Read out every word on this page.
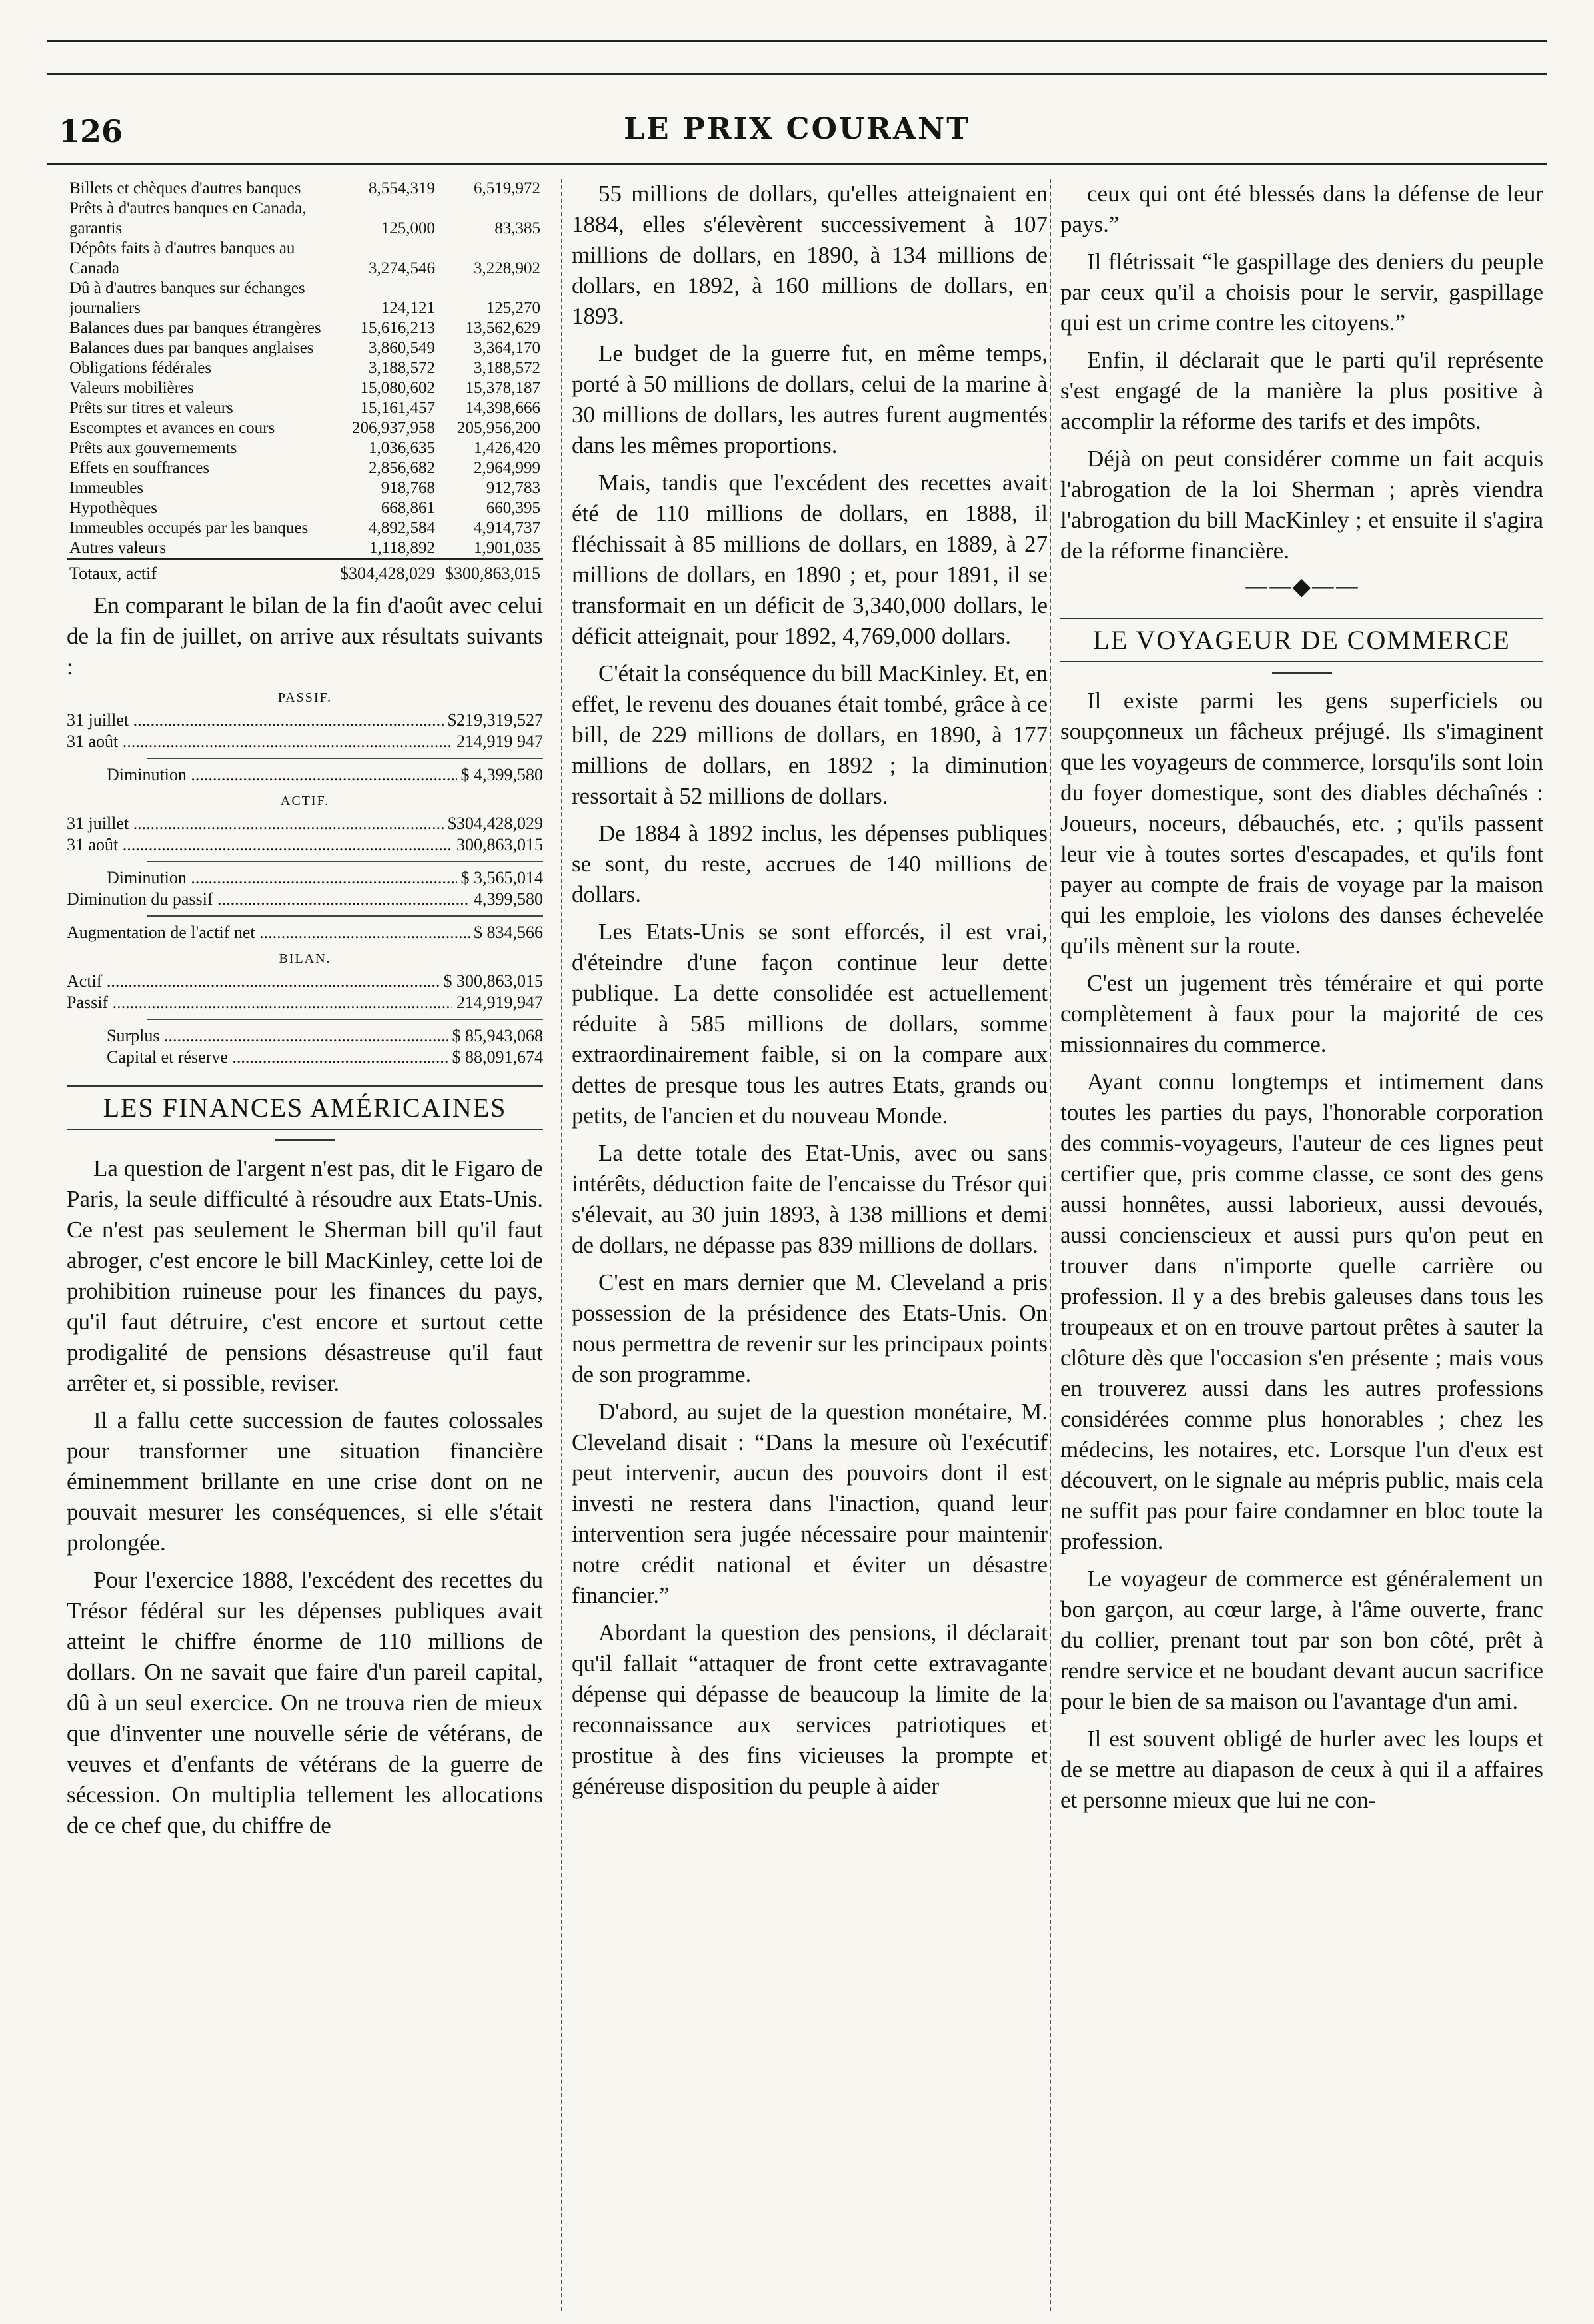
126	LE PRIX COURANT
Billets et chèques d'autres banques	8,554,319	6,519,972
Prêts à d'autres banques en Canada, garantis	125,000	83,385
Dépôts faits à d'autres banques au Canada	3,274,546	3,228,902
Dû à d'autres banques sur échanges journaliers	124,121	125,270
Balances dues par banques étrangères	15,616,213	13,562,629
Balances dues par banques anglaises	3,860,549	3,364,170
Obligations fédérales	3,188,572	3,188,572
Valeurs mobilières	15,080,602	15,378,187
Prêts sur titres et valeurs	15,161,457	14,398,666
Escomptes et avances en cours	206,937,958	205,956,200
Prêts aux gouvernements	1,036,635	1,426,420
Effets en souffrances	2,856,682	2,964,999
Immeubles	918,768	912,783
Hypothèques	668,861	660,395
Immeubles occupés par les banques	4,892,584	4,914,737
Autres valeurs	1,118,892	1,901,035
Totaux, actif	$304,428,029	$300,863,015

En comparant le bilan de la fin d'août avec celui de la fin de juillet, on arrive aux résultats suivants :

PASSIF.
31 juillet .....	$219,319,527
31 août .....	214,919 947
Diminution .....	$ 4,399,580
ACTIF.
31 juillet .....	$304,428,029
31 août .....	300,863,015
Diminution .....	$ 3,565,014
Diminution du passif .....	4,399,580
Augmentation de l'actif net .....	$ 834,566
BILAN.
Actif .....	$ 300,863,015
Passif .....	214,919,947
Surplus .....	$ 85,943,068
Capital et réserve .....	$ 88,091,674
LES FINANCES AMÉRICAINES

La question de l'argent n'est pas, dit le Figaro de Paris, la seule difficulté à résoudre aux Etats-Unis. Ce n'est pas seulement le Sherman bill qu'il faut abroger, c'est encore le bill MacKinley, cette loi de prohibition ruineuse pour les finances du pays, qu'il faut détruire, c'est encore et surtout cette prodigalité de pensions désastreuse qu'il faut arrêter et, si possible, reviser.

Il a fallu cette succession de fautes colossales pour transformer une situation financière éminemment brillante en une crise dont on ne pouvait mesurer les conséquences, si elle s'était prolongée.

Pour l'exercice 1888, l'excédent des recettes du Trésor fédéral sur les dépenses publiques avait atteint le chiffre énorme de 110 millions de dollars. On ne savait que faire d'un pareil capital, dû à un seul exercice. On ne trouva rien de mieux que d'inventer une nouvelle série de vétérans, de veuves et d'enfants de vétérans de la guerre de sécession. On multiplia tellement les allocations de ce chef que, du chiffre de

55 millions de dollars, qu'elles atteignaient en 1884, elles s'élevèrent successivement à 107 millions de dollars, en 1890, à 134 millions de dollars, en 1892, à 160 millions de dollars, en 1893.

Le budget de la guerre fut, en même temps, porté à 50 millions de dollars, celui de la marine à 30 millions de dollars, les autres furent augmentés dans les mêmes proportions.

Mais, tandis que l'excédent des recettes avait été de 110 millions de dollars, en 1888, il fléchissait à 85 millions de dollars, en 1889, à 27 millions de dollars, en 1890 ; et, pour 1891, il se transformait en un déficit de 3,340,000 dollars, le déficit atteignait, pour 1892, 4,769,000 dollars.

C'était la conséquence du bill MacKinley. Et, en effet, le revenu des douanes était tombé, grâce à ce bill, de 229 millions de dollars, en 1890, à 177 millions de dollars, en 1892 ; la diminution ressortait à 52 millions de dollars.

De 1884 à 1892 inclus, les dépenses publiques se sont, du reste, accrues de 140 millions de dollars.

Les Etats-Unis se sont efforcés, il est vrai, d'éteindre d'une façon continue leur dette publique. La dette consolidée est actuellement réduite à 585 millions de dollars, somme extraordinairement faible, si on la compare aux dettes de presque tous les autres Etats, grands ou petits, de l'ancien et du nouveau Monde.

La dette totale des Etat-Unis, avec ou sans intérêts, déduction faite de l'encaisse du Trésor qui s'élevait, au 30 juin 1893, à 138 millions et demi de dollars, ne dépasse pas 839 millions de dollars.

C'est en mars dernier que M. Cleveland a pris possession de la présidence des Etats-Unis. On nous permettra de revenir sur les principaux points de son programme.

D'abord, au sujet de la question monétaire, M. Cleveland disait : “Dans la mesure où l'exécutif peut intervenir, aucun des pouvoirs dont il est investi ne restera dans l'inaction, quand leur intervention sera jugée nécessaire pour maintenir notre crédit national et éviter un désastre financier.”

Abordant la question des pensions, il déclarait qu'il fallait “attaquer de front cette extravagante dépense qui dépasse de beaucoup la limite de la reconnaissance aux services patriotiques et prostitue à des fins vicieuses la prompte et généreuse disposition du peuple à aider

ceux qui ont été blessés dans la défense de leur pays.”

Il flétrissait “le gaspillage des deniers du peuple par ceux qu'il a choisis pour le servir, gaspillage qui est un crime contre les citoyens.”

Enfin, il déclarait que le parti qu'il représente s'est engagé de la manière la plus positive à accomplir la réforme des tarifs et des impôts.

Déjà on peut considérer comme un fait acquis l'abrogation de la loi Sherman ; après viendra l'abrogation du bill MacKinley ; et ensuite il s'agira de la réforme financière.

——◆——
LE VOYAGEUR DE COMMERCE

Il existe parmi les gens superficiels ou soupçonneux un fâcheux préjugé. Ils s'imaginent que les voyageurs de commerce, lorsqu'ils sont loin du foyer domestique, sont des diables déchaînés : Joueurs, noceurs, débauchés, etc. ; qu'ils passent leur vie à toutes sortes d'escapades, et qu'ils font payer au compte de frais de voyage par la maison qui les emploie, les violons des danses échevelée qu'ils mènent sur la route.

C'est un jugement très téméraire et qui porte complètement à faux pour la majorité de ces missionnaires du commerce.

Ayant connu longtemps et intimement dans toutes les parties du pays, l'honorable corporation des commis-voyageurs, l'auteur de ces lignes peut certifier que, pris comme classe, ce sont des gens aussi honnêtes, aussi laborieux, aussi devoués, aussi concienscieux et aussi purs qu'on peut en trouver dans n'importe quelle carrière ou profession. Il y a des brebis galeuses dans tous les troupeaux et on en trouve partout prêtes à sauter la clôture dès que l'occasion s'en présente ; mais vous en trouverez aussi dans les autres professions considérées comme plus honorables ; chez les médecins, les notaires, etc. Lorsque l'un d'eux est découvert, on le signale au mépris public, mais cela ne suffit pas pour faire condamner en bloc toute la profession.

Le voyageur de commerce est généralement un bon garçon, au cœur large, à l'âme ouverte, franc du collier, prenant tout par son bon côté, prêt à rendre service et ne boudant devant aucun sacrifice pour le bien de sa maison ou l'avantage d'un ami.

Il est souvent obligé de hurler avec les loups et de se mettre au diapason de ceux à qui il a affaires et personne mieux que lui ne con-
